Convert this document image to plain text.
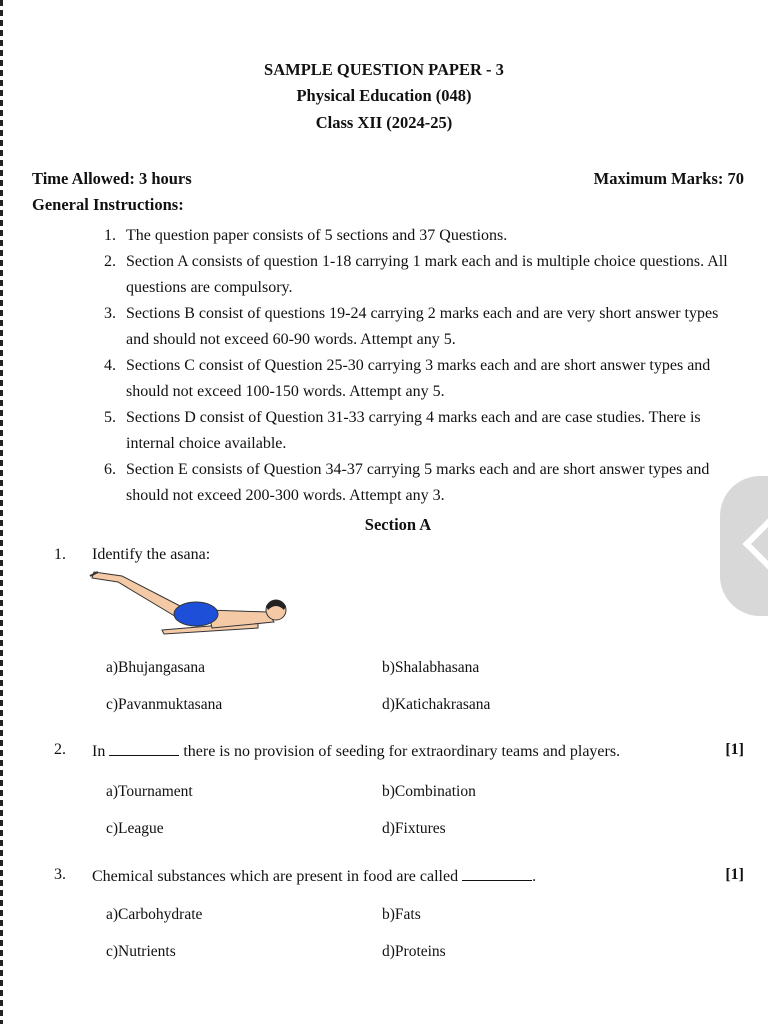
SAMPLE QUESTION PAPER - 3
Physical Education (048)
Class XII (2024-25)
Time Allowed: 3 hours	Maximum Marks: 70
General Instructions:
1. The question paper consists of 5 sections and 37 Questions.
2. Section A consists of question 1-18 carrying 1 mark each and is multiple choice questions. All questions are compulsory.
3. Sections B consist of questions 19-24 carrying 2 marks each and are very short answer types and should not exceed 60-90 words. Attempt any 5.
4. Sections C consist of Question 25-30 carrying 3 marks each and are short answer types and should not exceed 100-150 words. Attempt any 5.
5. Sections D consist of Question 31-33 carrying 4 marks each and are case studies. There is internal choice available.
6. Section E consists of Question 34-37 carrying 5 marks each and are short answer types and should not exceed 200-300 words. Attempt any 3.
Section A
1. Identify the asana:
a)Bhujangasana	b)Shalabhasana
c)Pavanmuktasana	d)Katichakrasana
2. In	there is no provision of seeding for extraordinary teams and players.	[1]
a)Tournament	b)Combination
c)League	d)Fixtures
3. Chemical substances which are present in food are called	.	[1]
a)Carbohydrate	b)Fats
c)Nutrients	d)Proteins
